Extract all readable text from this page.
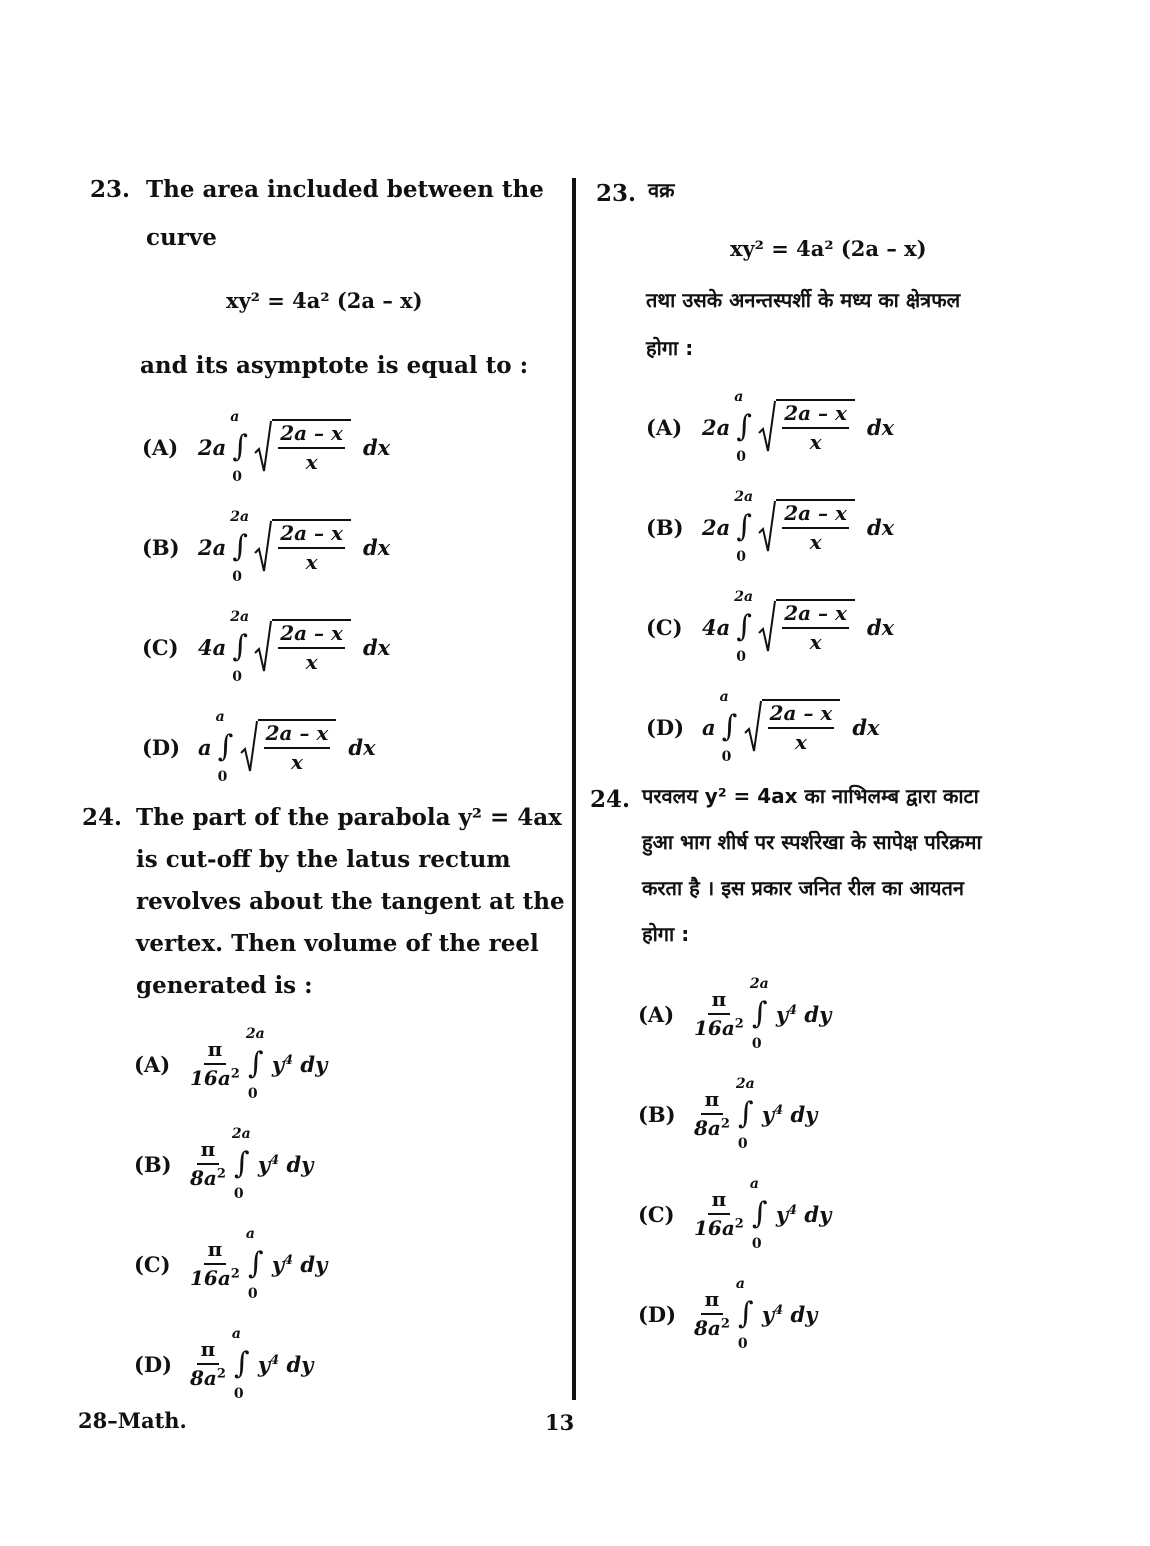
23. The area included between the
curve
xy² = 4a² (2a – x)
and its asymptote is equal to :
(A) 2a
a
∫
0
$\frac{2a - x}{x}$ dx
(B) 2a
2a
∫
0
$\frac{2a - x}{x}$ dx
(C) 4a
2a
∫
0
$\frac{2a - x}{x}$ dx
(D) a
a
∫
0
$\frac{2a - x}{x}$ dx
24. The part of the parabola y² = 4ax
is cut-off by the latus rectum
revolves about the tangent at the
vertex. Then volume of the reel
generated is :
(A)
π
$16a^2$
2a
∫
0
$y^4$ dy
(B)
π
$8a^2$
2a
∫
0
$y^4$ dy
(C)
π
$16a^2$
a
∫
0
$y^4$ dy
(D)
π
$8a^2$
a
∫
0
$y^4$ dy
23. वक्र
xy² = 4a² (2a – x)
तथा उसके अनन्तस्पर्शी के मध्य का क्षेत्रफल
होगा :
(A) 2a
a
∫
0
$\frac{2a - x}{x}$ dx
(B) 2a
2a
∫
0
$\frac{2a - x}{x}$ dx
(C) 4a
2a
∫
0
$\frac{2a - x}{x}$ dx
(D) a
a
∫
0
$\frac{2a - x}{x}$ dx
24. परवलय y² = 4ax का नाभिलम्ब द्वारा काटा
हुआ भाग शीर्ष पर स्पर्शरेखा के सापेक्ष परिक्रमा
करता है । इस प्रकार जनित रील का आयतन
होगा :
(A)
π
$16a^2$
2a
∫
0
$y^4$ dy
(B)
π
$8a^2$
2a
∫
0
$y^4$ dy
(C)
π
$16a^2$
a
∫
0
$y^4$ dy
(D)
π
$8a^2$
a
∫
0
$y^4$ dy
28–Math.	13
